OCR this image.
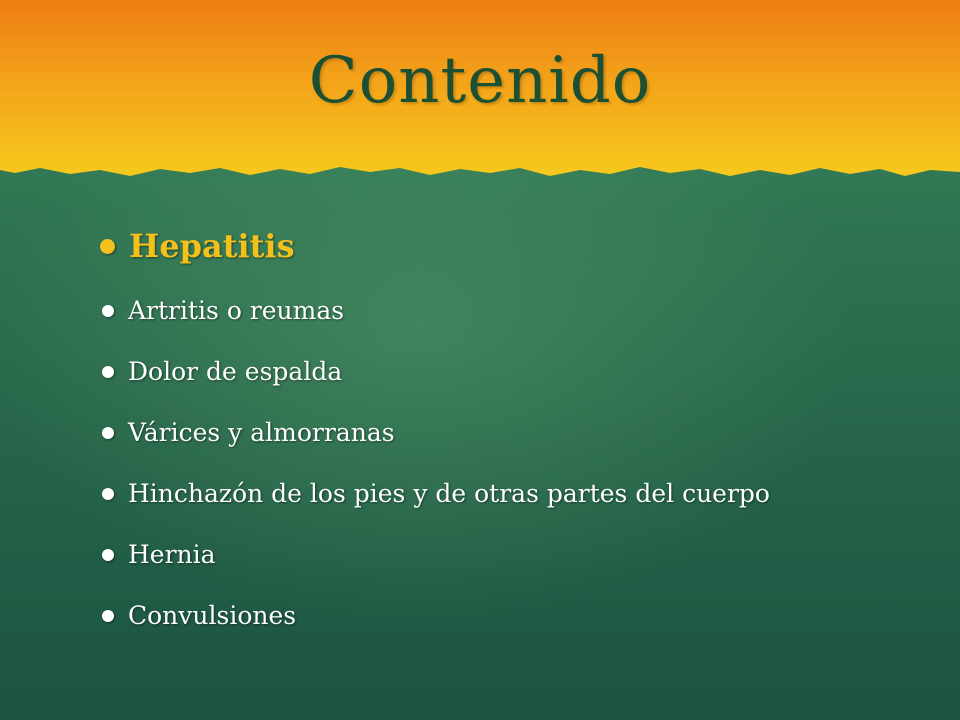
Contenido
Hepatitis
Artritis o reumas
Dolor de espalda
Várices y almorranas
Hinchazón de los pies y de otras partes del cuerpo
Hernia
Convulsiones
